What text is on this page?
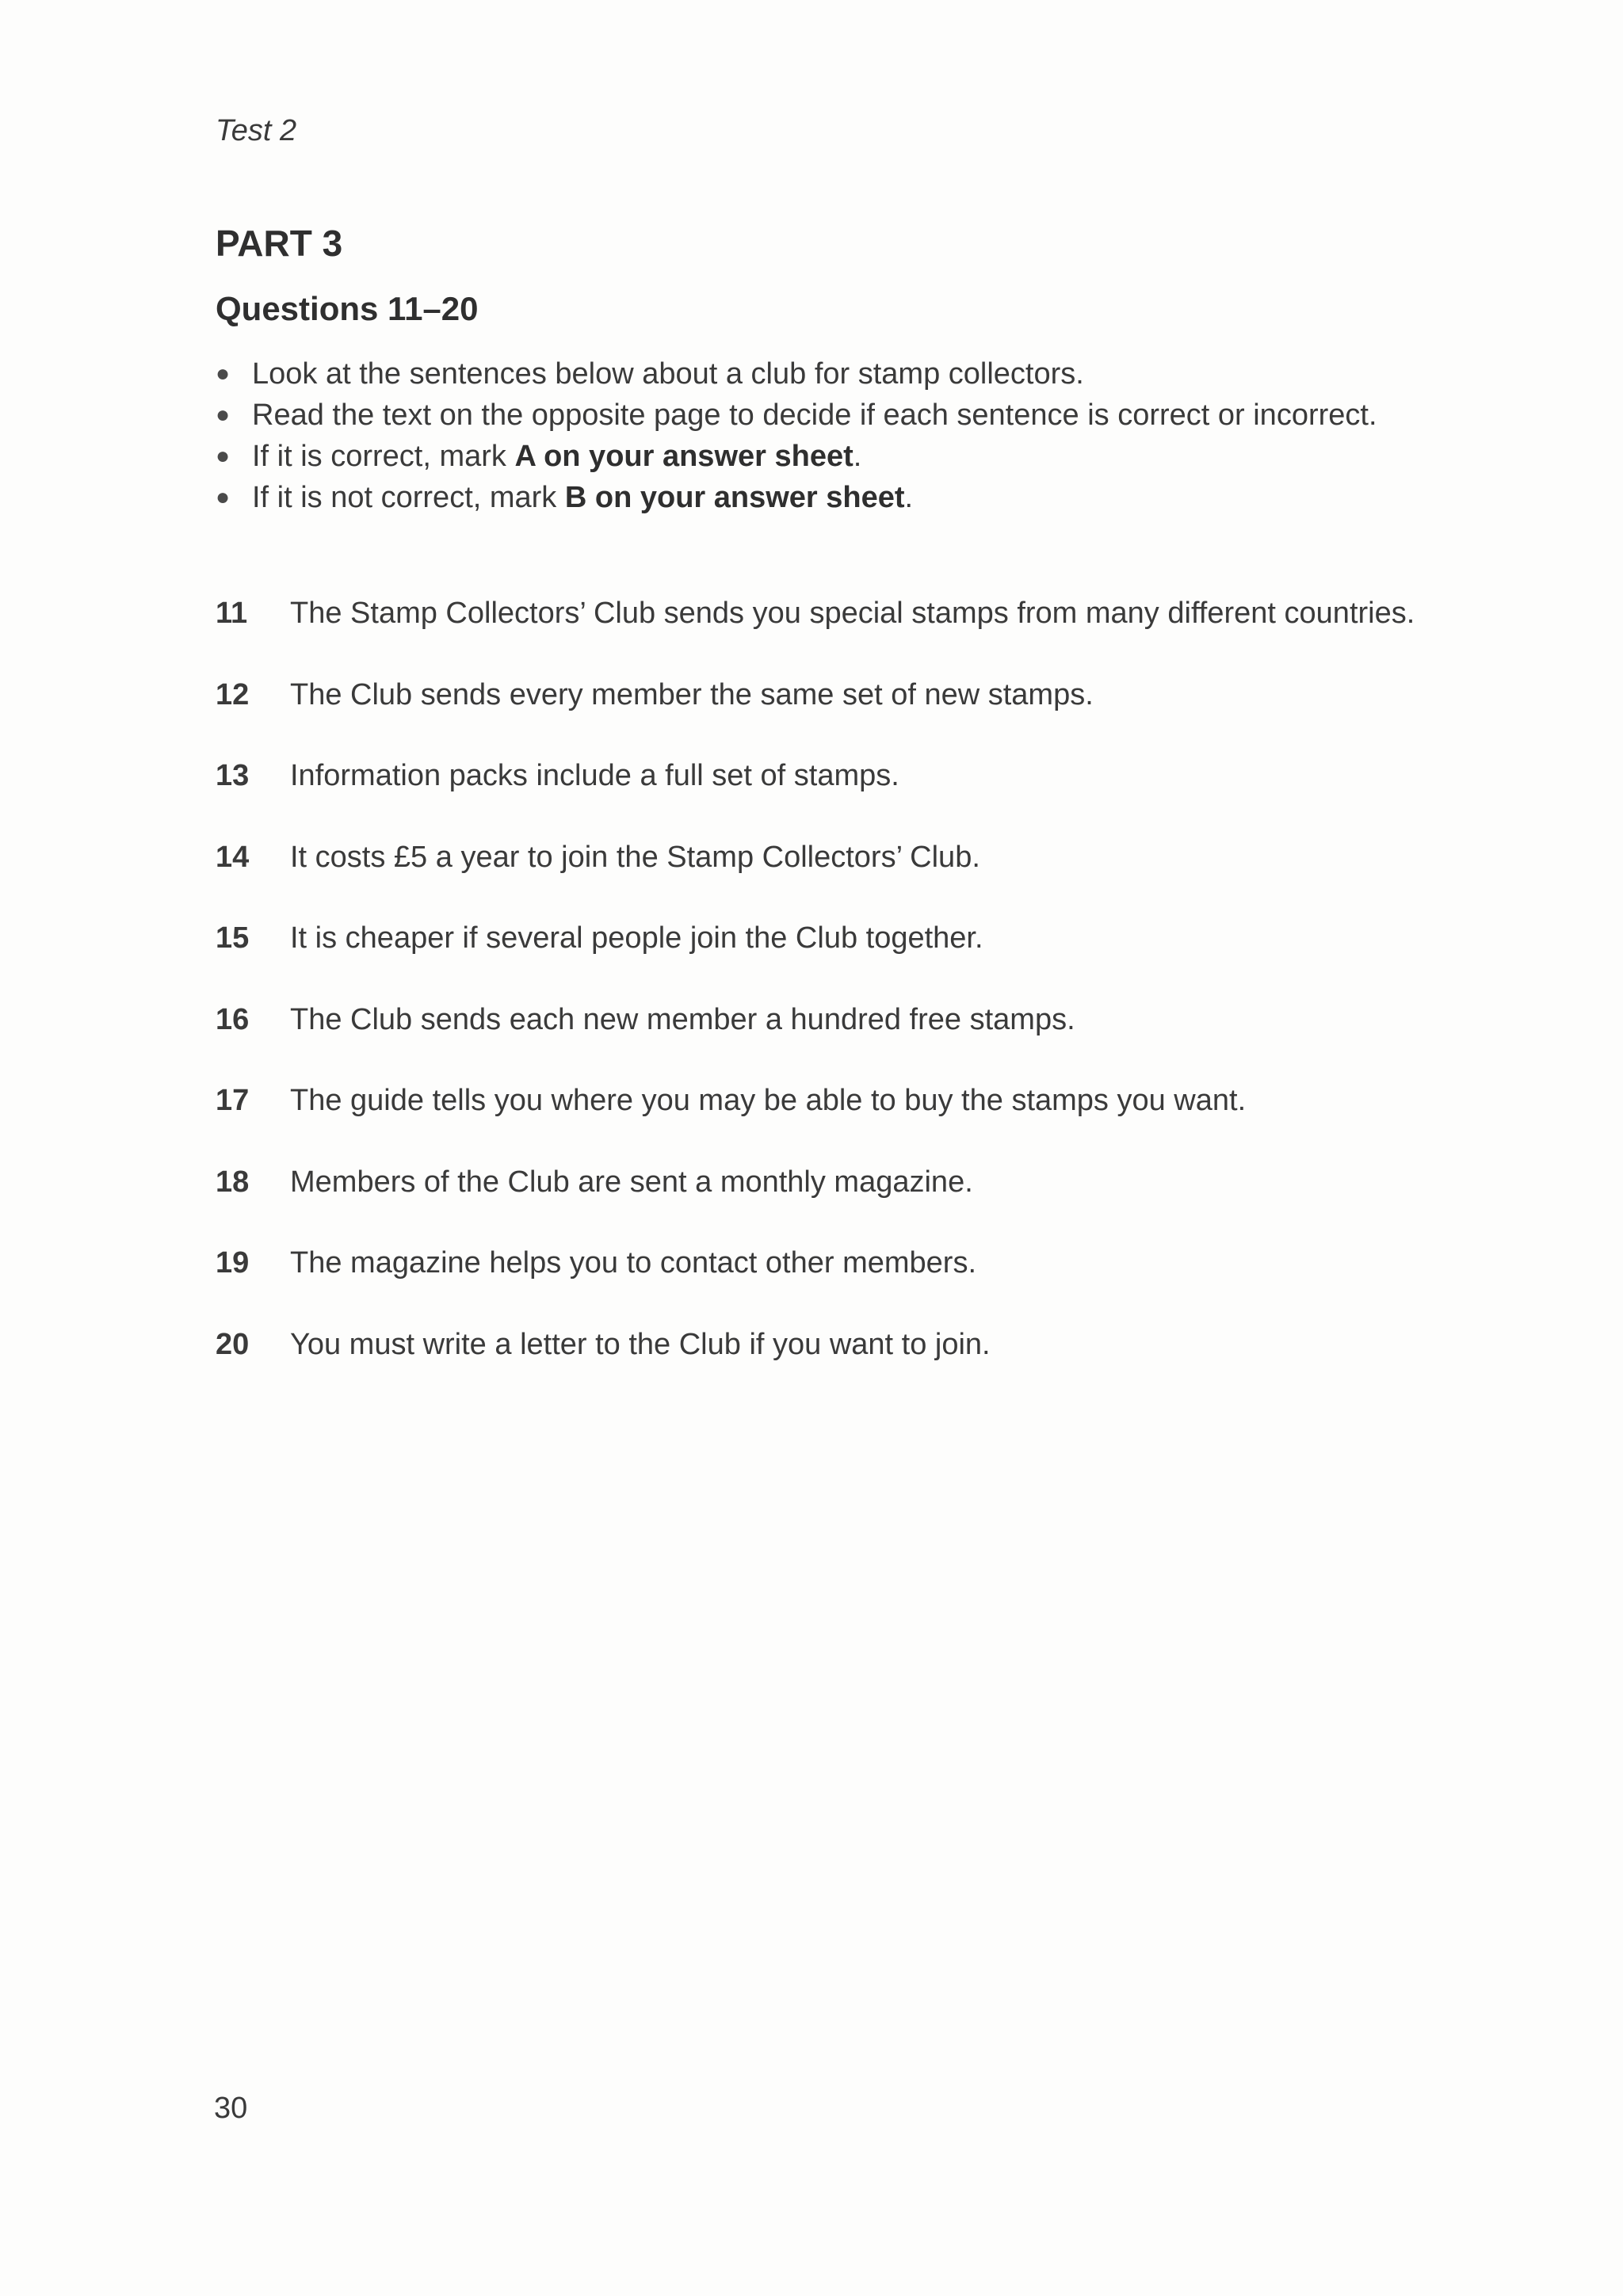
Test 2
PART 3
Questions 11–20
● Look at the sentences below about a club for stamp collectors.
● Read the text on the opposite page to decide if each sentence is correct or incorrect.
● If it is correct, mark A on your answer sheet.
● If it is not correct, mark B on your answer sheet.
11	The Stamp Collectors’ Club sends you special stamps from many different countries.
12	The Club sends every member the same set of new stamps.
13	Information packs include a full set of stamps.
14	It costs £5 a year to join the Stamp Collectors’ Club.
15	It is cheaper if several people join the Club together.
16	The Club sends each new member a hundred free stamps.
17	The guide tells you where you may be able to buy the stamps you want.
18	Members of the Club are sent a monthly magazine.
19	The magazine helps you to contact other members.
20	You must write a letter to the Club if you want to join.
30
